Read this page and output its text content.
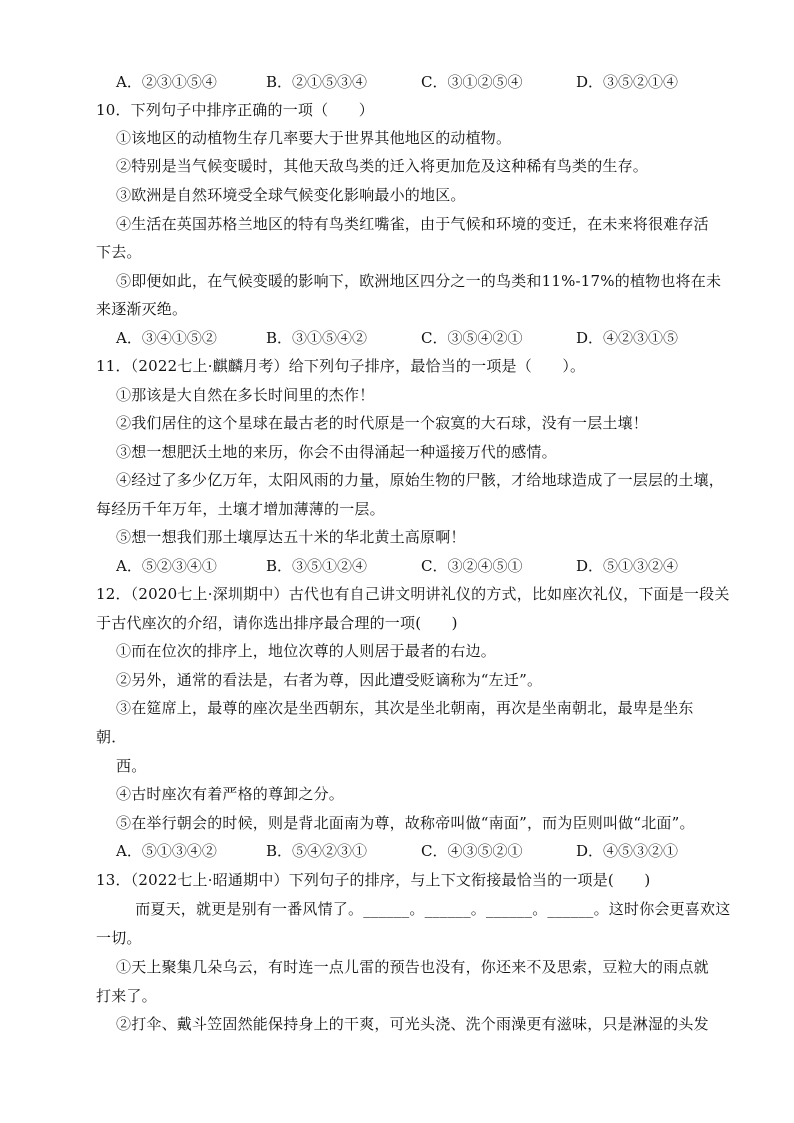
A．②③①⑤④	B．②①⑤③④	C．③①②⑤④	D．③⑤②①④
10．下列句子中排序正确的一项（　　）
①该地区的动植物生存几率要大于世界其他地区的动植物。
②特别是当气候变暖时，其他天敌鸟类的迁入将更加危及这种稀有鸟类的生存。
③欧洲是自然环境受全球气候变化影响最小的地区。
④生活在英国苏格兰地区的特有鸟类红嘴雀，由于气候和环境的变迁，在未来将很难存活
下去。
⑤即便如此，在气候变暖的影响下，欧洲地区四分之一的鸟类和11%-17%的植物也将在未
来逐渐灭绝。
A．③④①⑤②	B．③①⑤④②	C．③⑤④②①	D．④②③①⑤
11．（2022七上·麒麟月考）给下列句子排序，最恰当的一项是（　　）。
①那该是大自然在多长时间里的杰作！
②我们居住的这个星球在最古老的时代原是一个寂寞的大石球，没有一层土壤！
③想一想肥沃土地的来历，你会不由得涌起一种遥接万代的感情。
④经过了多少亿万年，太阳风雨的力量，原始生物的尸骸，才给地球造成了一层层的土壤，
每经历千年万年，土壤才增加薄薄的一层。
⑤想一想我们那土壤厚达五十米的华北黄土高原啊！
A．⑤②③④①	B．③⑤①②④	C．③②④⑤①	D．⑤①③②④
12．（2020七上·深圳期中）古代也有自己讲文明讲礼仪的方式，比如座次礼仪，下面是一段关
于古代座次的介绍，请你选出排序最合理的一项(　　)
①而在位次的排序上，地位次尊的人则居于最者的右边。
②另外，通常的看法是，右者为尊，因此遭受贬谪称为“左迁”。
③在筵席上，最尊的座次是坐西朝东，其次是坐北朝南，再次是坐南朝北，最卑是坐东
朝．
西。
④古时座次有着严格的尊卸之分。
⑤在举行朝会的时候，则是背北面南为尊，故称帝叫做“南面”，而为臣则叫做“北面”。
A．⑤①③④②	B．⑤④②③①	C．④③⑤②①	D．④⑤③②①
13．（2022七上·昭通期中）下列句子的排序，与上下文衔接最恰当的一项是(　　)
　而夏天，就更是别有一番风情了。______。______。______。______。这时你会更喜欢这
一切。
①天上聚集几朵乌云，有时连一点儿雷的预告也没有，你还来不及思索，豆粒大的雨点就
打来了。
②打伞、戴斗笠固然能保持身上的干爽，可光头浇、洗个雨澡更有滋味，只是淋湿的头发
